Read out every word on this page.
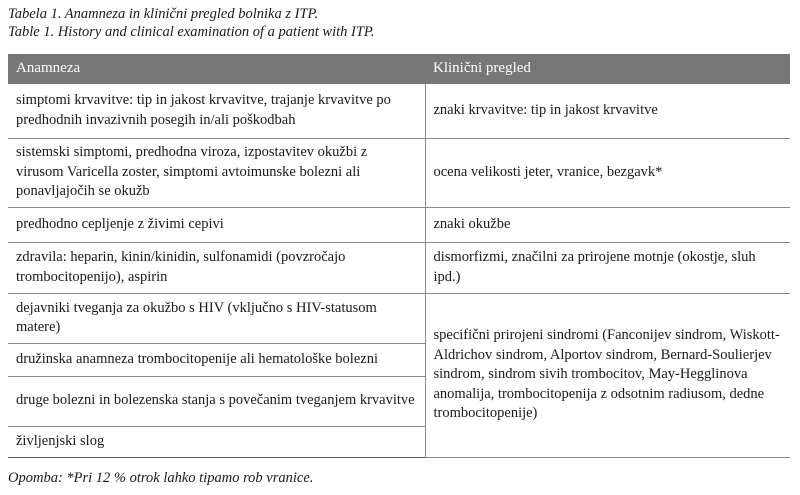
Tabela 1. Anamneza in klinični pregled bolnika z ITP.
Table 1. History and clinical examination of a patient with ITP.
Anamneza	Klinični pregled
simptomi krvavitve: tip in jakost krvavitve, trajanje krvavitve po predhodnih invazivnih posegih in/ali poškodbah	znaki krvavitve: tip in jakost krvavitve
sistemski simptomi, predhodna viroza, izpostavitev okužbi z virusom Varicella zoster, simptomi avtoimunske bolezni ali ponavljajočih se okužb	ocena velikosti jeter, vranice, bezgavk*
predhodno cepljenje z živimi cepivi	znaki okužbe
zdravila: heparin, kinin/kinidin, sulfonamidi (povzročajo trombocitopenijo), aspirin	dismorfizmi, značilni za prirojene motnje (okostje, sluh ipd.)
dejavniki tveganja za okužbo s HIV (vključno s HIV-statusom matere)	specifični prirojeni sindromi (Fanconijev sindrom, Wiskott-Aldrichov sindrom, Alportov sindrom, Bernard-Soulierjev sindrom, sindrom sivih trombocitov, May-Hegglinova anomalija, trombocitopenija z odsotnim radiusom, dedne trombocitopenije)
družinska anamneza trombocitopenije ali hematološke bolezni	
druge bolezni in bolezenska stanja s povečanim tveganjem krvavitve	
življenjski slog	
Opomba: *Pri 12 % otrok lahko tipamo rob vranice.
